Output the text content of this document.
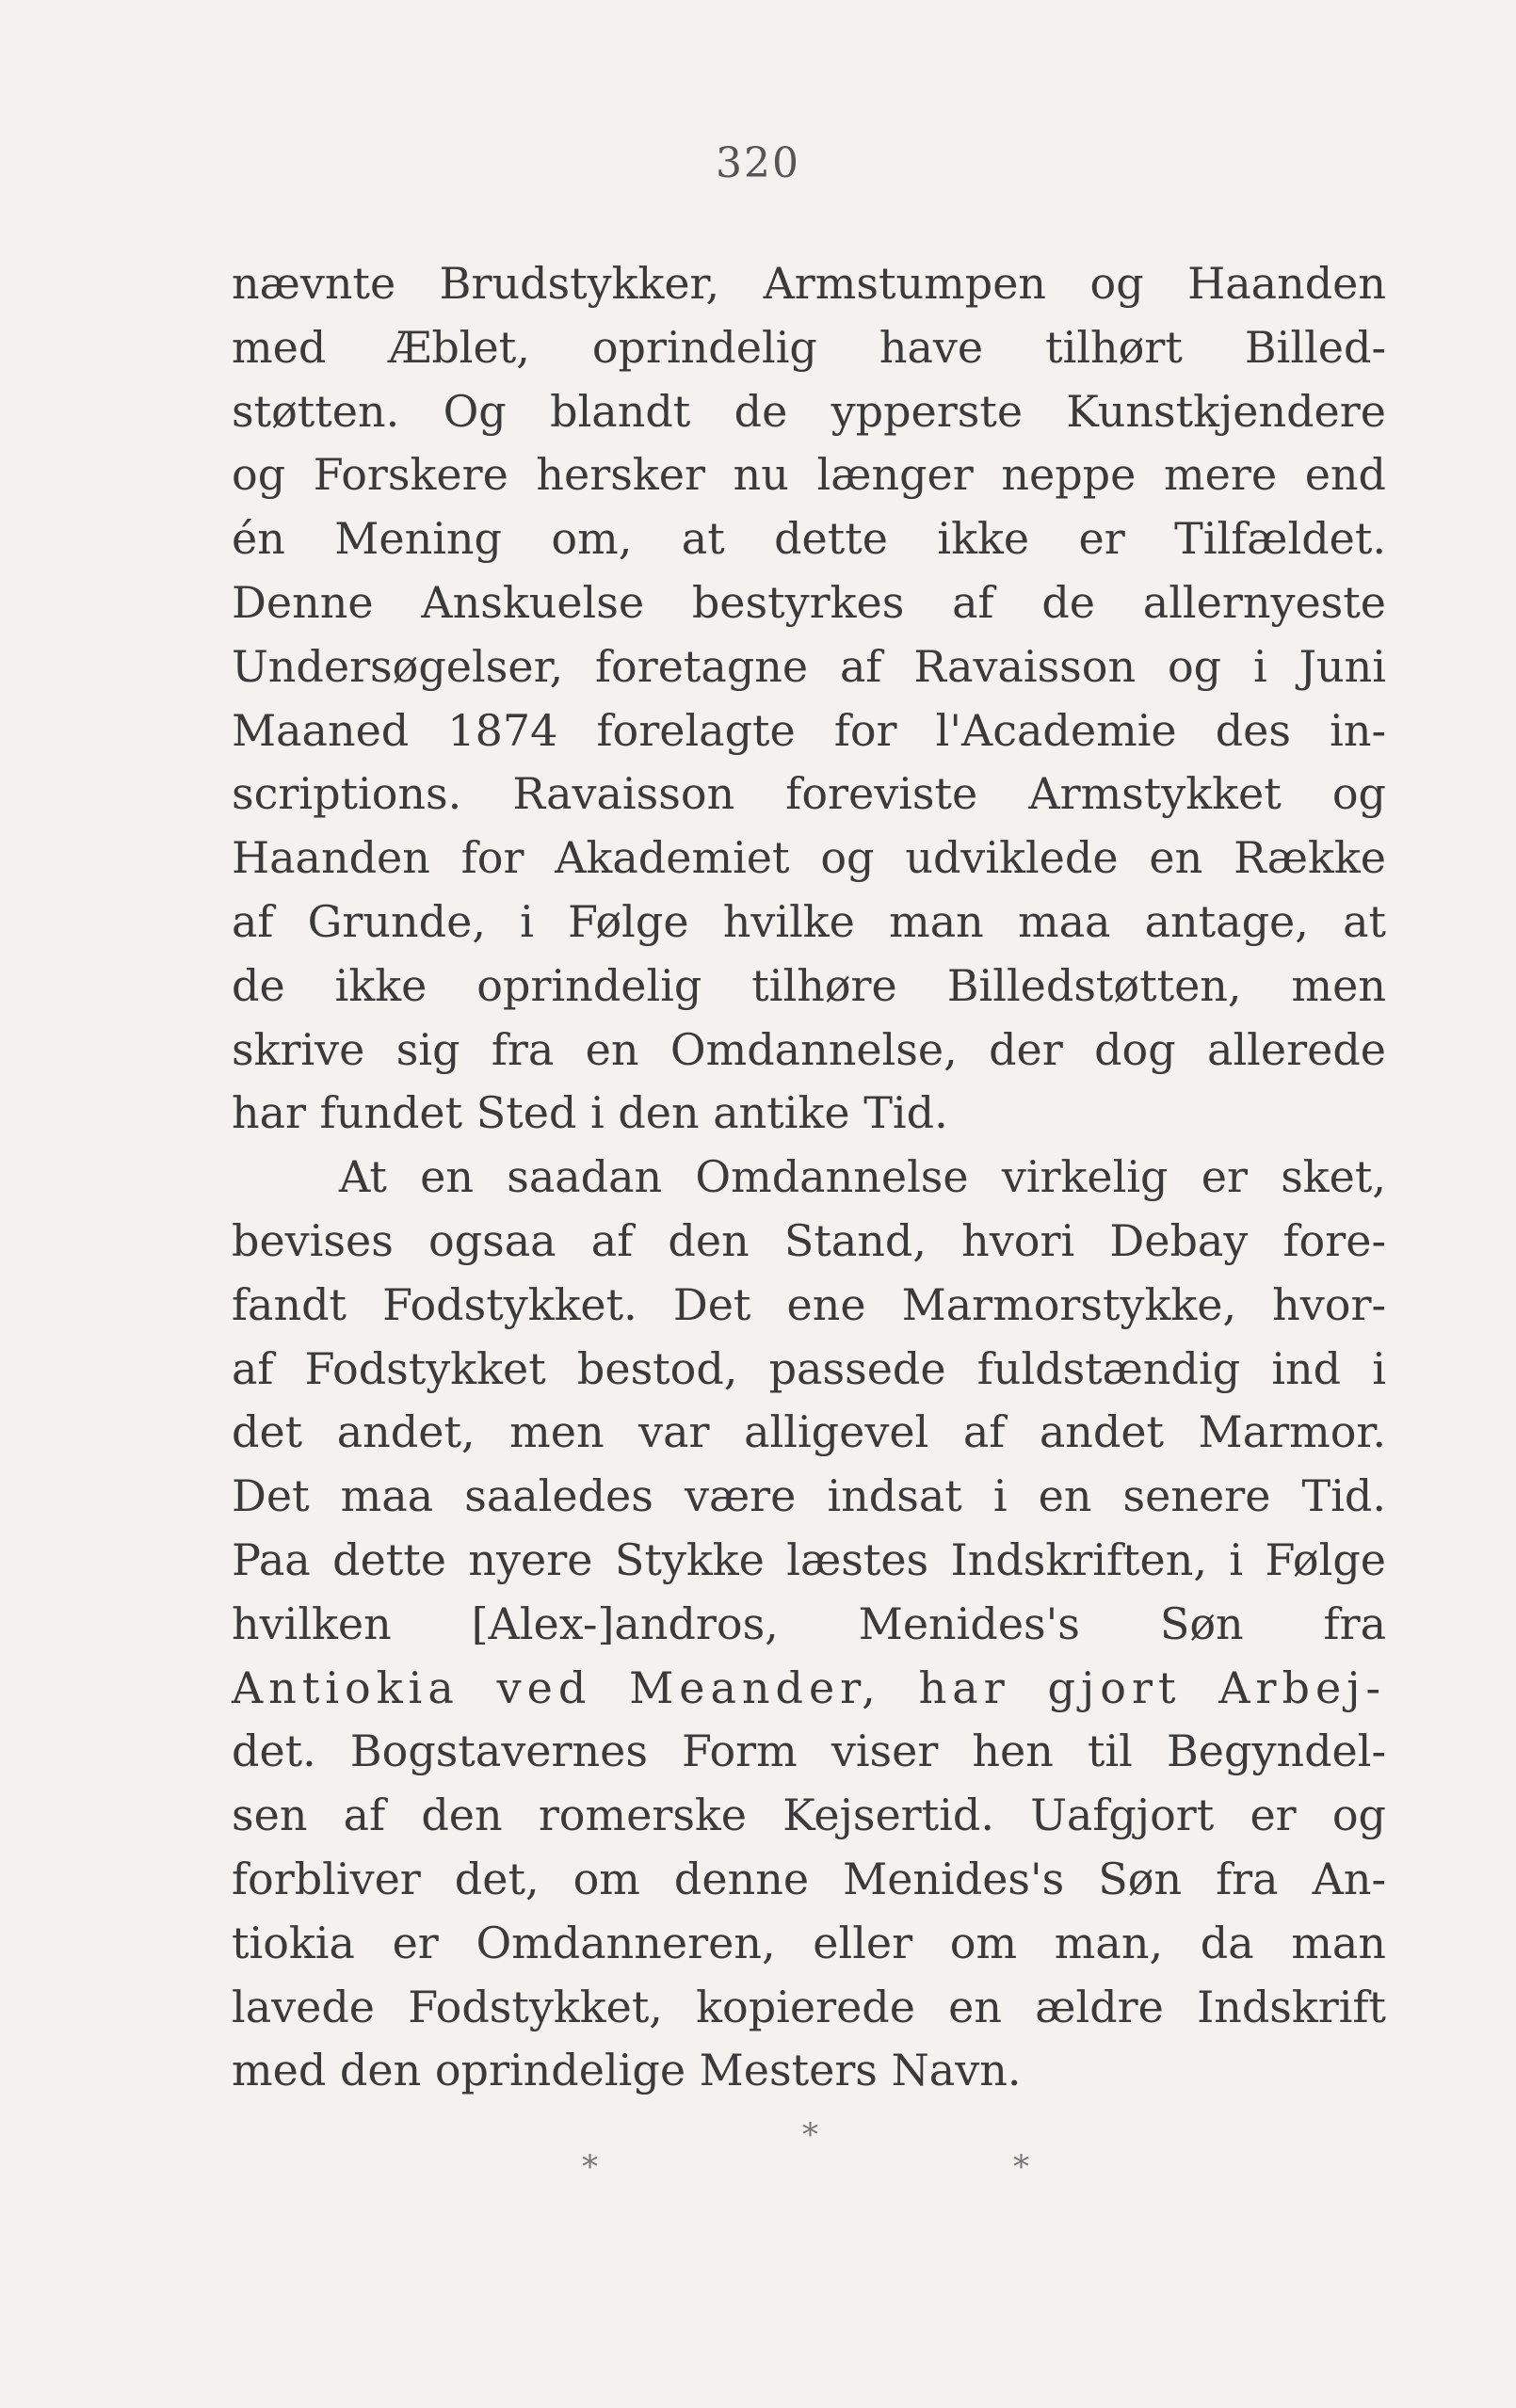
320
nævnte Brudstykker, Armstumpen og Haanden
med Æblet, oprindelig have tilhørt Billed-
støtten. Og blandt de ypperste Kunstkjendere
og Forskere hersker nu længer neppe mere end
én Mening om, at dette ikke er Tilfældet.
Denne Anskuelse bestyrkes af de allernyeste
Undersøgelser, foretagne af Ravaisson og i Juni
Maaned 1874 forelagte for l'Academie des in-
scriptions. Ravaisson foreviste Armstykket og
Haanden for Akademiet og udviklede en Række
af Grunde, i Følge hvilke man maa antage, at
de ikke oprindelig tilhøre Billedstøtten, men
skrive sig fra en Omdannelse, der dog allerede
har fundet Sted i den antike Tid.
At en saadan Omdannelse virkelig er sket,
bevises ogsaa af den Stand, hvori Debay fore-
fandt Fodstykket. Det ene Marmorstykke, hvor-
af Fodstykket bestod, passede fuldstændig ind i
det andet, men var alligevel af andet Marmor.
Det maa saaledes være indsat i en senere Tid.
Paa dette nyere Stykke læstes Indskriften, i Følge
hvilken [Alex-]andros, Menides's Søn fra
Antiokia ved Meander, har gjort Arbej-
det. Bogstavernes Form viser hen til Begyndel-
sen af den romerske Kejsertid. Uafgjort er og
forbliver det, om denne Menides's Søn fra An-
tiokia er Omdanneren, eller om man, da man
lavede Fodstykket, kopierede en ældre Indskrift
med den oprindelige Mesters Navn.
*
*	*
